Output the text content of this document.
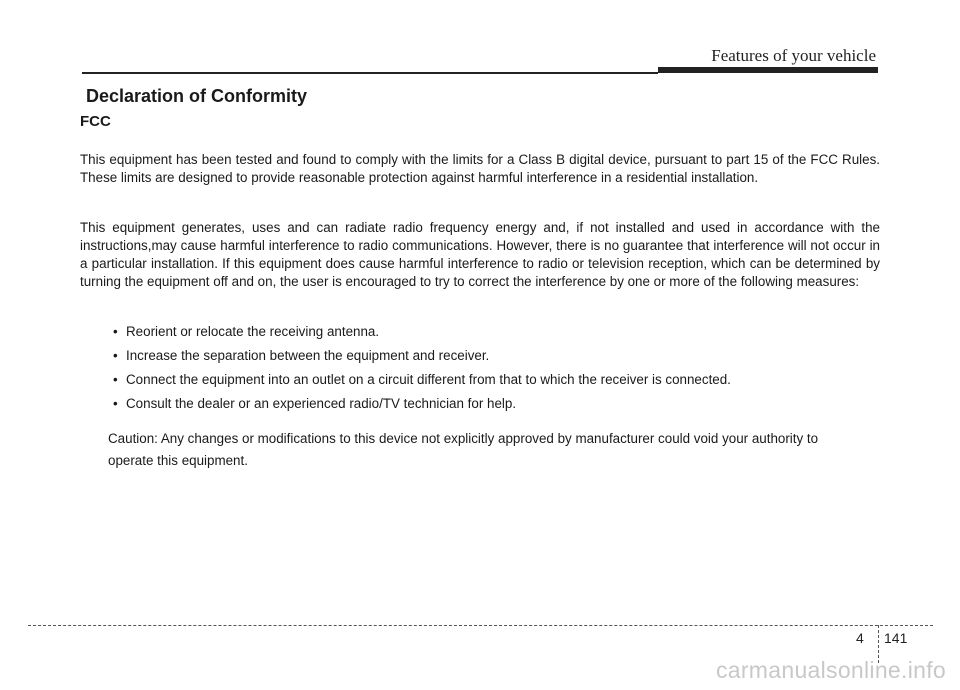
Features of your vehicle
Declaration of Conformity
FCC

This equipment has been tested and found to comply with the limits for a Class B digital device, pursuant to part 15 of the FCC Rules. These limits are designed to provide reasonable protection against harmful interference in a residential installation.

This equipment generates, uses and can radiate radio frequency energy and, if not installed and used in accordance with the instructions,may cause harmful interference to radio communications. However, there is no guarantee that interference will not occur in a particular installation. If this equipment does cause harmful interference to radio or television reception, which can be determined by turning the equipment off and on, the user is encouraged to try to correct the interference by one or more of the following measures:

• Reorient or relocate the receiving antenna.
• Increase the separation between the equipment and receiver.
• Connect the equipment into an outlet on a circuit different from that to which the receiver is connected.
• Consult the dealer or an experienced radio/TV technician for help.

Caution: Any changes or modifications to this device not explicitly approved by manufacturer could void your authority to operate this equipment.

4 141
carmanualsonline.info
